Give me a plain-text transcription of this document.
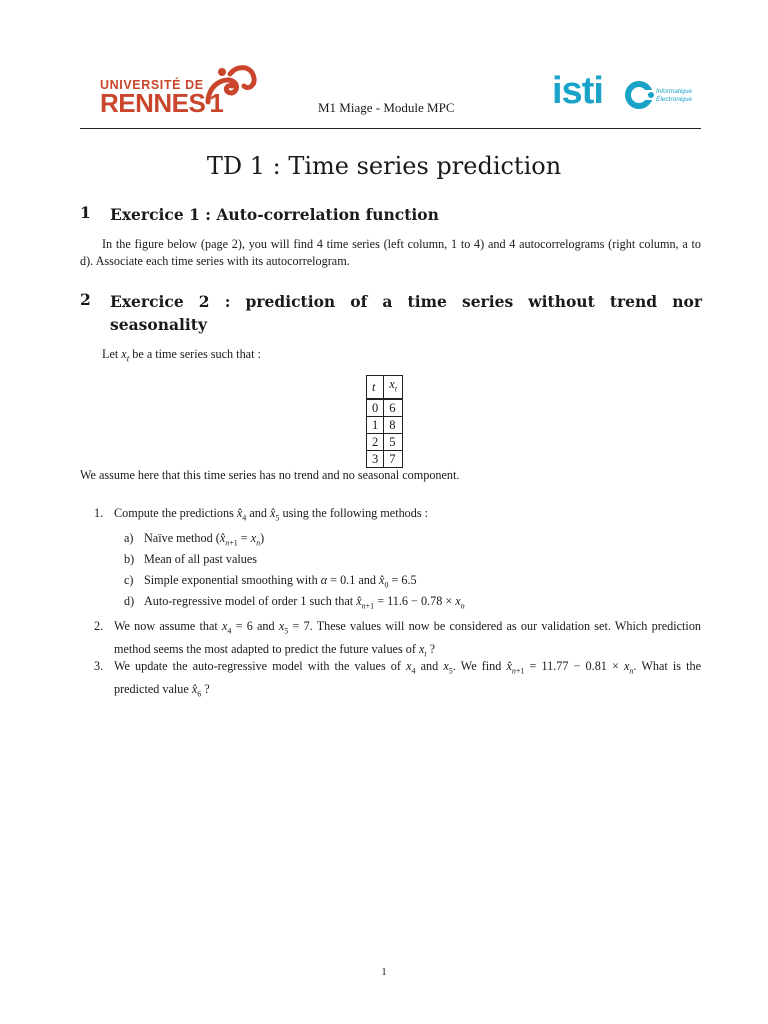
UNIVERSITÉ DE
RENNES 1	M1 Miage - Module MPC	isti	Informatique
Électronique
TD 1 : Time series prediction
1 Exercice 1 : Auto-correlation function
In the figure below (page 2), you will find 4 time series (left column, 1 to 4) and 4 autocorrelograms (right column, a to d). Associate each time series with its autocorrelogram.
2 Exercice 2 : prediction of a time series without trend nor seasonality
Let $x_t$ be a time series such that :
t	$x_t$
0	6
1	8
2	5
3	7
We assume here that this time series has no trend and no seasonal component.
1. Compute the predictions $x̂_4$ and $x̂_5$ using the following methods :
a) Naïve method $(x̂_{n+1} = x_n)$
b) Mean of all past values
c) Simple exponential smoothing with α = 0.1 and $x̂_0 = 6.5$
d) Auto-regressive model of order 1 such that $x̂_{n+1} = 11.6 - 0.78 \times x_n$
2. We now assume that $x_4 = 6$ and $x_5 = 7$. These values will now be considered as our validation set. Which prediction method seems the most adapted to predict the future values of $x_t$ ?
3. We update the auto-regressive model with the values of $x_4$ and $x_5$. We find $x̂_{n+1} = 11.77 - 0.81 \times x_n$. What is the predicted value $x̂_6$ ?
1
